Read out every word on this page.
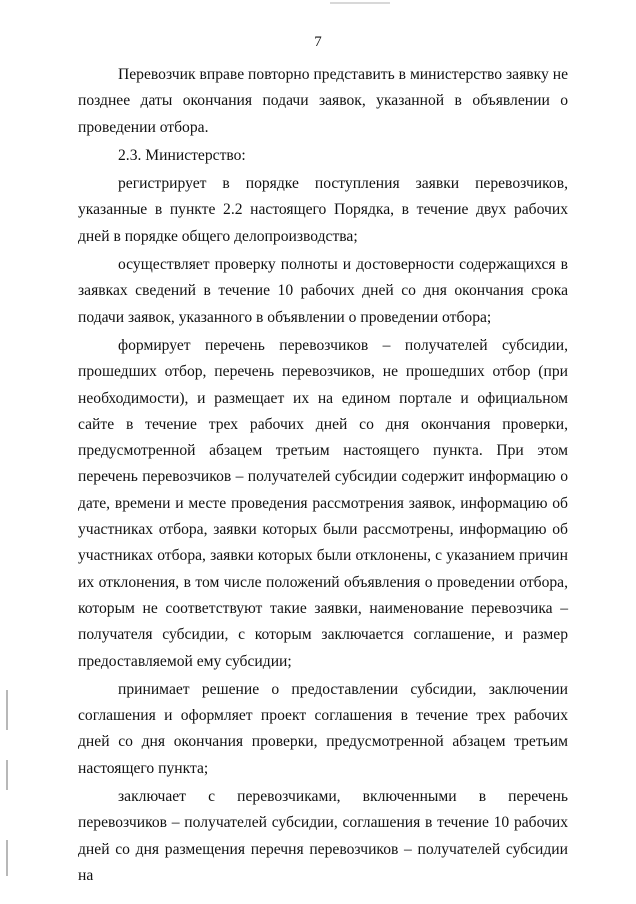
7

Перевозчик вправе повторно представить в министерство заявку не позднее даты окончания подачи заявок, указанной в объявлении о проведении отбора.

2.3. Министерство:

регистрирует в порядке поступления заявки перевозчиков, указанные в пункте 2.2 настоящего Порядка, в течение двух рабочих дней в порядке общего делопроизводства;

осуществляет проверку полноты и достоверности содержащихся в заявках сведений в течение 10 рабочих дней со дня окончания срока подачи заявок, указанного в объявлении о проведении отбора;

формирует перечень перевозчиков – получателей субсидии, прошедших отбор, перечень перевозчиков, не прошедших отбор (при необходимости), и размещает их на едином портале и официальном сайте в течение трех рабочих дней со дня окончания проверки, предусмотренной абзацем третьим настоящего пункта. При этом перечень перевозчиков – получателей субсидии содержит информацию о дате, времени и месте проведения рассмотрения заявок, информацию об участниках отбора, заявки которых были рассмотрены, информацию об участниках отбора, заявки которых были отклонены, с указанием причин их отклонения, в том числе положений объявления о проведении отбора, которым не соответствуют такие заявки, наименование перевозчика – получателя субсидии, с которым заключается соглашение, и размер предоставляемой ему субсидии;

принимает решение о предоставлении субсидии, заключении соглашения и оформляет проект соглашения в течение трех рабочих дней со дня окончания проверки, предусмотренной абзацем третьим настоящего пункта;

заключает с перевозчиками, включенными в перечень перевозчиков – получателей субсидии, соглашения в течение 10 рабочих дней со дня размещения перечня перевозчиков – получателей субсидии на
